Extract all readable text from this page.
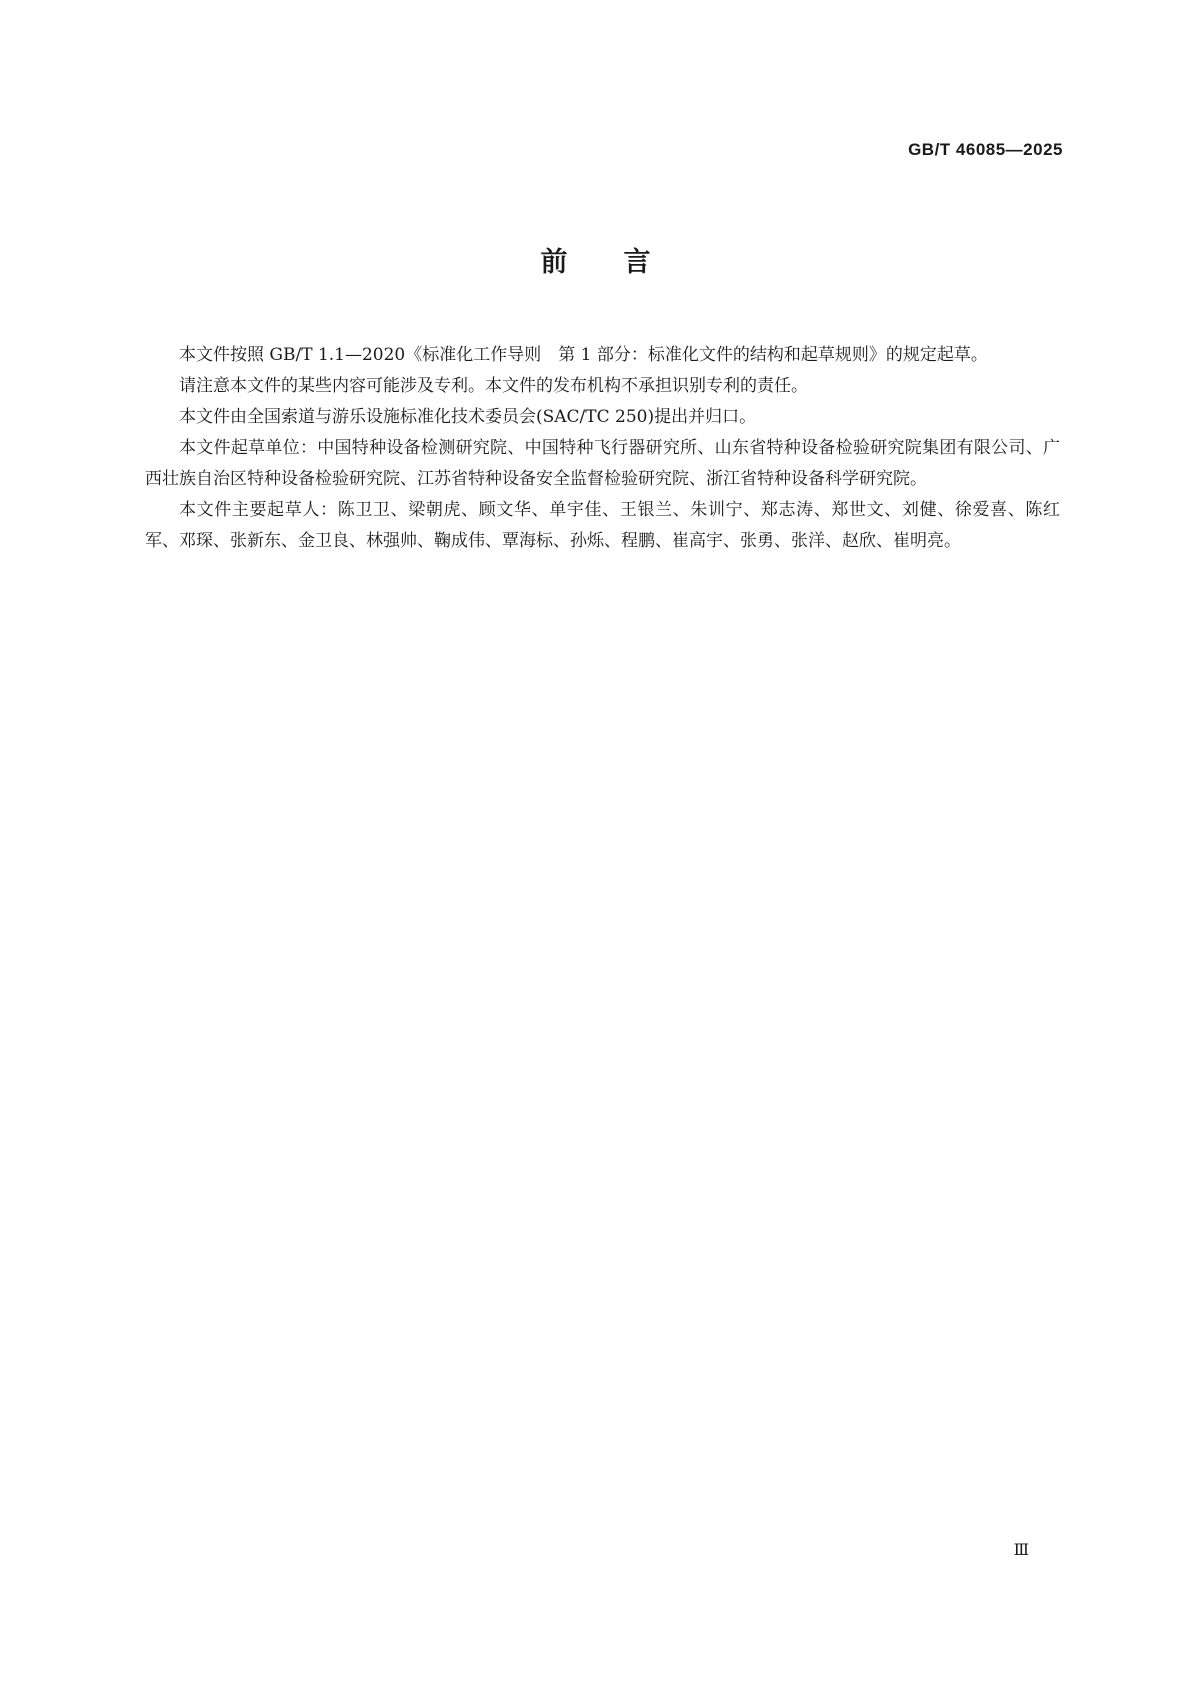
GB/T 46085—2025

前言

本文件按照 GB/T 1.1—2020《标准化工作导则　第 1 部分：标准化文件的结构和起草规则》的规定起草。

请注意本文件的某些内容可能涉及专利。本文件的发布机构不承担识别专利的责任。

本文件由全国索道与游乐设施标准化技术委员会(SAC/TC 250)提出并归口。

本文件起草单位：中国特种设备检测研究院、中国特种飞行器研究所、山东省特种设备检验研究院集团有限公司、广西壮族自治区特种设备检验研究院、江苏省特种设备安全监督检验研究院、浙江省特种设备科学研究院。

本文件主要起草人：陈卫卫、梁朝虎、顾文华、单宇佳、王银兰、朱训宁、郑志涛、郑世文、刘健、徐爱喜、陈红军、邓琛、张新东、金卫良、林强帅、鞠成伟、覃海标、孙烁、程鹏、崔高宇、张勇、张洋、赵欣、崔明亮。

Ⅲ
